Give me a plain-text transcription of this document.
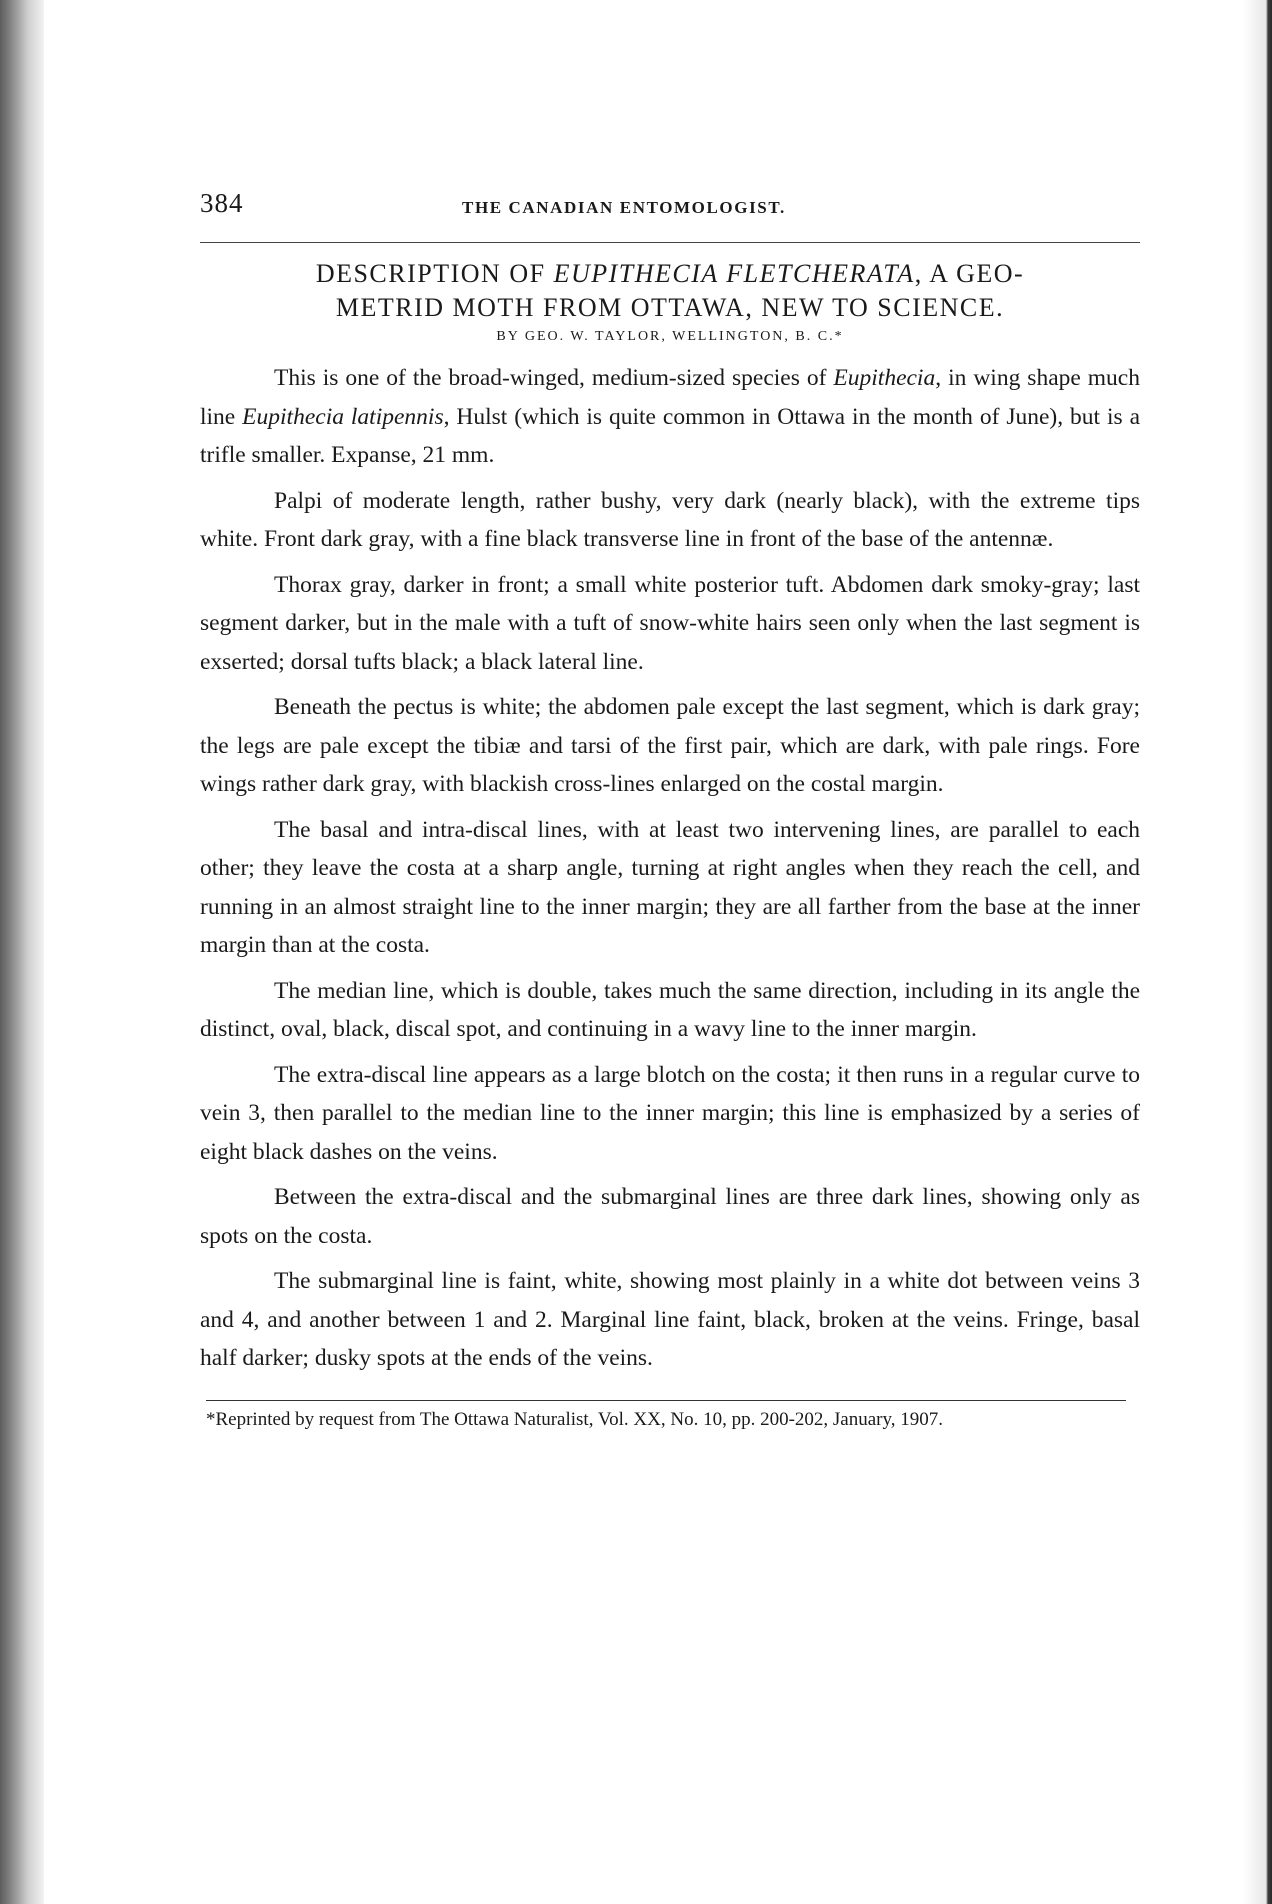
384	THE CANADIAN ENTOMOLOGIST.
DESCRIPTION OF EUPITHECIA FLETCHERATA, A GEO-
METRID MOTH FROM OTTAWA, NEW TO SCIENCE.
BY GEO. W. TAYLOR, WELLINGTON, B. C.*

This is one of the broad-winged, medium-sized species of Eupithecia, in wing shape much line Eupithecia latipennis, Hulst (which is quite common in Ottawa in the month of June), but is a trifle smaller. Expanse, 21 mm.

Palpi of moderate length, rather bushy, very dark (nearly black), with the extreme tips white. Front dark gray, with a fine black transverse line in front of the base of the antennæ.

Thorax gray, darker in front; a small white posterior tuft. Abdomen dark smoky-gray; last segment darker, but in the male with a tuft of snow-white hairs seen only when the last segment is exserted; dorsal tufts black; a black lateral line.

Beneath the pectus is white; the abdomen pale except the last segment, which is dark gray; the legs are pale except the tibiæ and tarsi of the first pair, which are dark, with pale rings. Fore wings rather dark gray, with blackish cross-lines enlarged on the costal margin.

The basal and intra-discal lines, with at least two intervening lines, are parallel to each other; they leave the costa at a sharp angle, turning at right angles when they reach the cell, and running in an almost straight line to the inner margin; they are all farther from the base at the inner margin than at the costa.

The median line, which is double, takes much the same direction, including in its angle the distinct, oval, black, discal spot, and continuing in a wavy line to the inner margin.

The extra-discal line appears as a large blotch on the costa; it then runs in a regular curve to vein 3, then parallel to the median line to the inner margin; this line is emphasized by a series of eight black dashes on the veins.

Between the extra-discal and the submarginal lines are three dark lines, showing only as spots on the costa.

The submarginal line is faint, white, showing most plainly in a white dot between veins 3 and 4, and another between 1 and 2. Marginal line faint, black, broken at the veins. Fringe, basal half darker; dusky spots at the ends of the veins.

*Reprinted by request from The Ottawa Naturalist, Vol. XX, No. 10, pp. 200-202, January, 1907.
